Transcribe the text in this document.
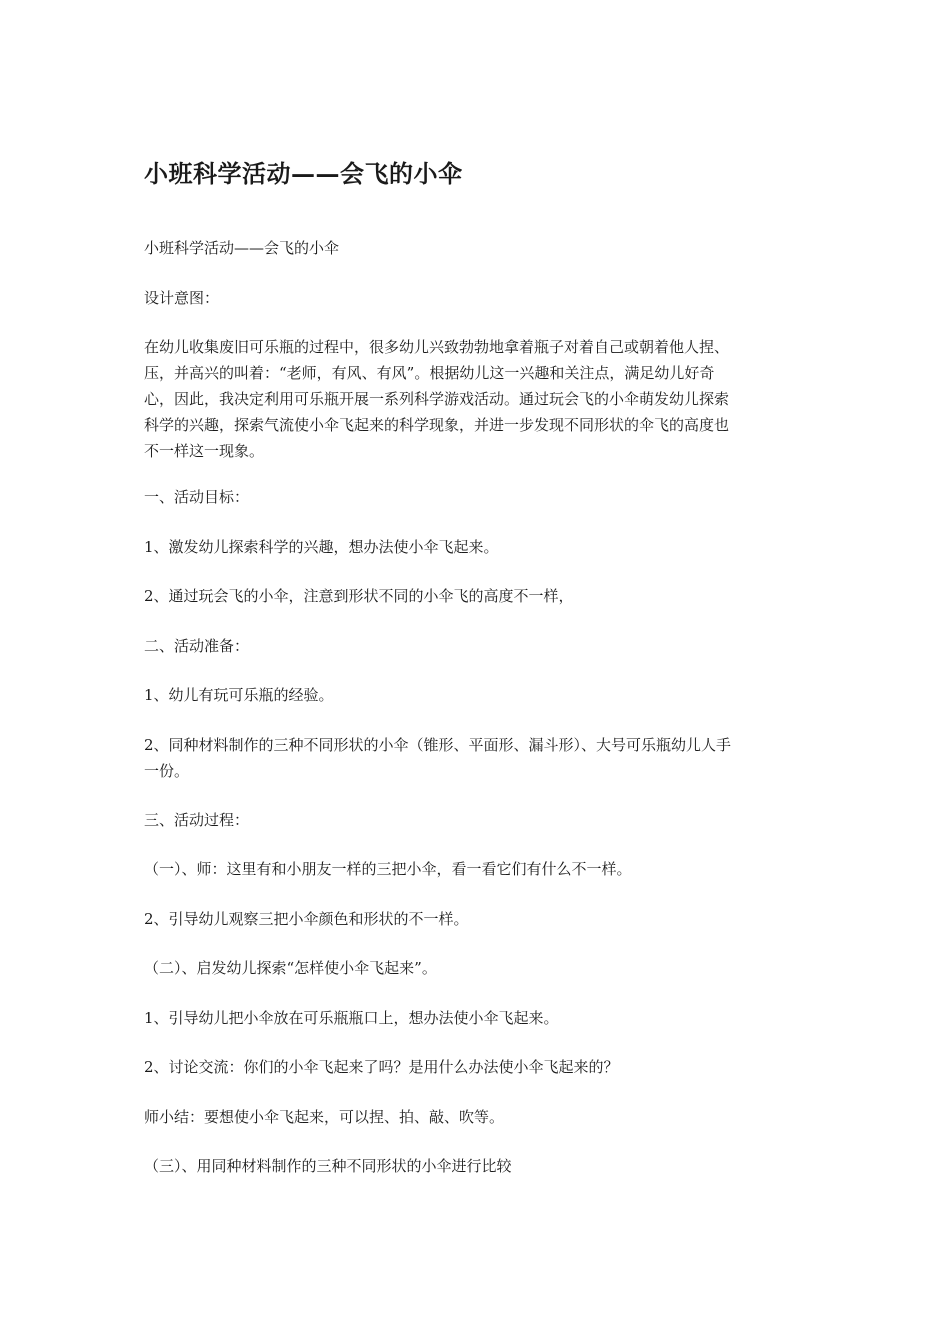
小班科学活动——会飞的小伞

小班科学活动——会飞的小伞

设计意图：

在幼儿收集废旧可乐瓶的过程中，很多幼儿兴致勃勃地拿着瓶子对着自己或朝着他人捏、
压，并高兴的叫着：“老师，有风、有风”。根据幼儿这一兴趣和关注点，满足幼儿好奇
心，因此，我决定利用可乐瓶开展一系列科学游戏活动。通过玩会飞的小伞萌发幼儿探索
科学的兴趣，探索气流使小伞飞起来的科学现象，并进一步发现不同形状的伞飞的高度也
不一样这一现象。

一、活动目标：

1、激发幼儿探索科学的兴趣，想办法使小伞飞起来。

2、通过玩会飞的小伞，注意到形状不同的小伞飞的高度不一样，

二、活动准备：

1、幼儿有玩可乐瓶的经验。

2、同种材料制作的三种不同形状的小伞（锥形、平面形、漏斗形）、大号可乐瓶幼儿人手
一份。

三、活动过程：

（一）、师：这里有和小朋友一样的三把小伞，看一看它们有什么不一样。

2、引导幼儿观察三把小伞颜色和形状的不一样。

（二）、启发幼儿探索“怎样使小伞飞起来”。

1、引导幼儿把小伞放在可乐瓶瓶口上，想办法使小伞飞起来。

2、讨论交流：你们的小伞飞起来了吗？是用什么办法使小伞飞起来的？

师小结：要想使小伞飞起来，可以捏、拍、敲、吹等。

（三）、用同种材料制作的三种不同形状的小伞进行比较
